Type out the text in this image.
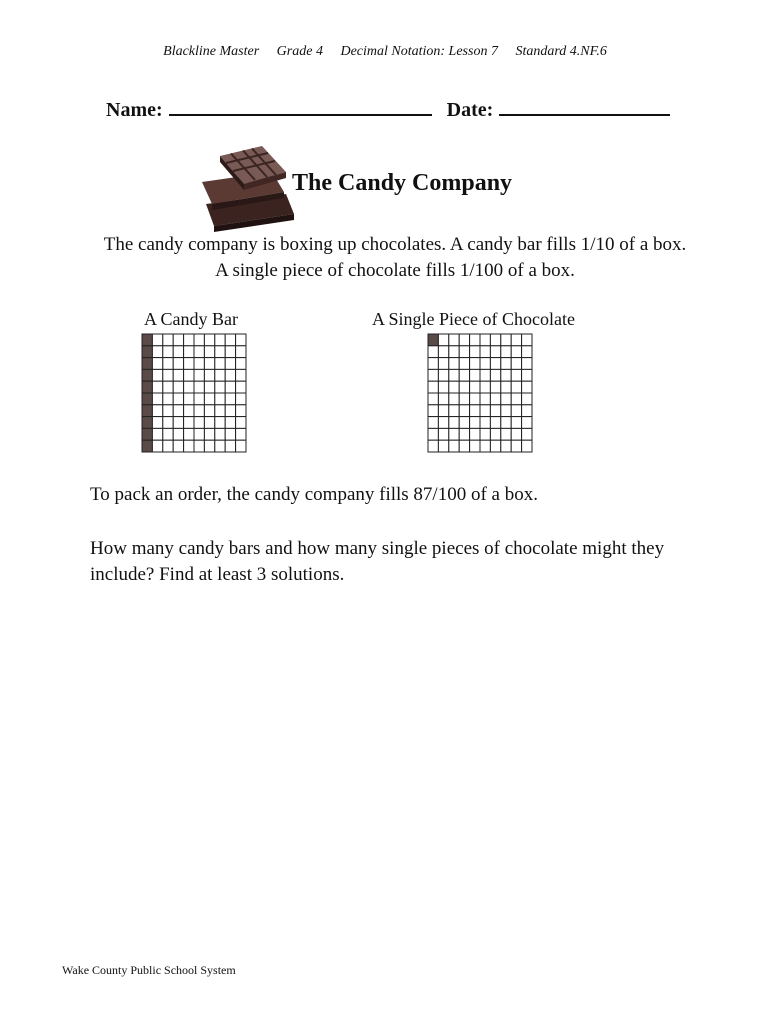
Blackline Master Grade 4 Decimal Notation: Lesson 7 Standard 4.NF.6
Name:	Date:
The Candy Company
The candy company is boxing up chocolates. A candy bar fills 1/10 of a box.
A single piece of chocolate fills 1/100 of a box.
A Candy Bar	A Single Piece of Chocolate
To pack an order, the candy company fills 87/100 of a box.
How many candy bars and how many single pieces of chocolate might they
include? Find at least 3 solutions.
Wake County Public School System
